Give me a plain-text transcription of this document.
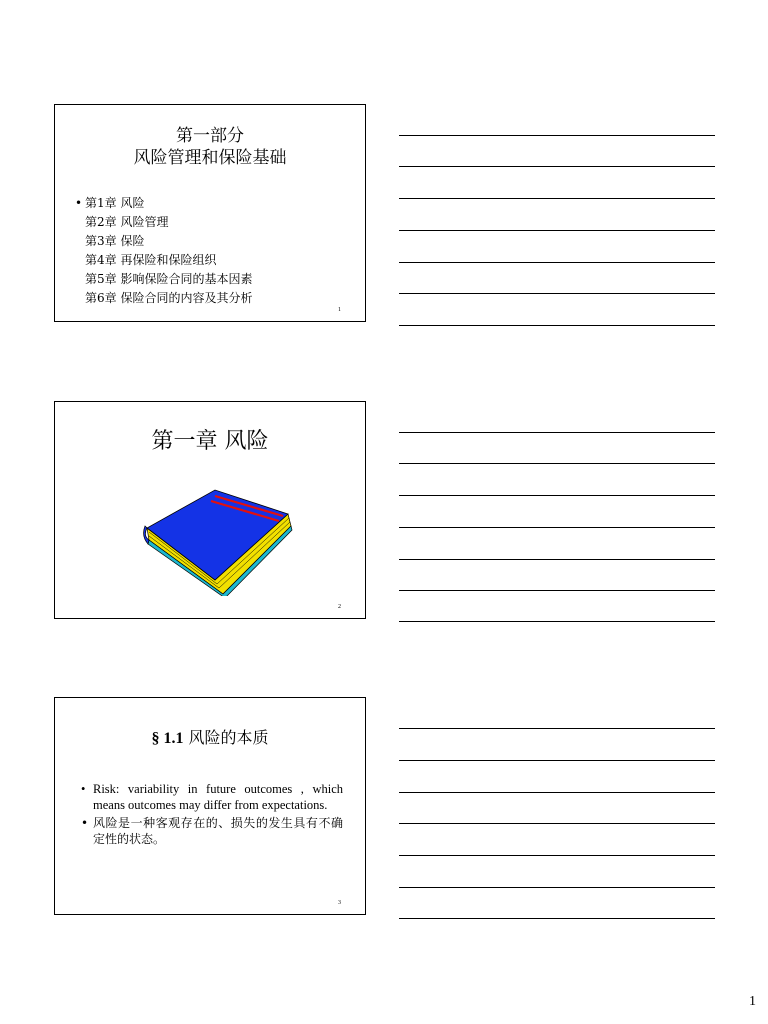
第一部分
风险管理和保险基础
• 第1章 风险
第2章 风险管理
第3章 保险
第4章 再保险和保险组织
第5章 影响保险合同的基本因素
第6章 保险合同的内容及其分析
1
第一章 风险
2
§ 1.1 风险的本质
• Risk: variability in future outcomes , which means outcomes may differ from expectations.
• 风险是一种客观存在的、损失的发生具有不确定性的状态。
3
1
